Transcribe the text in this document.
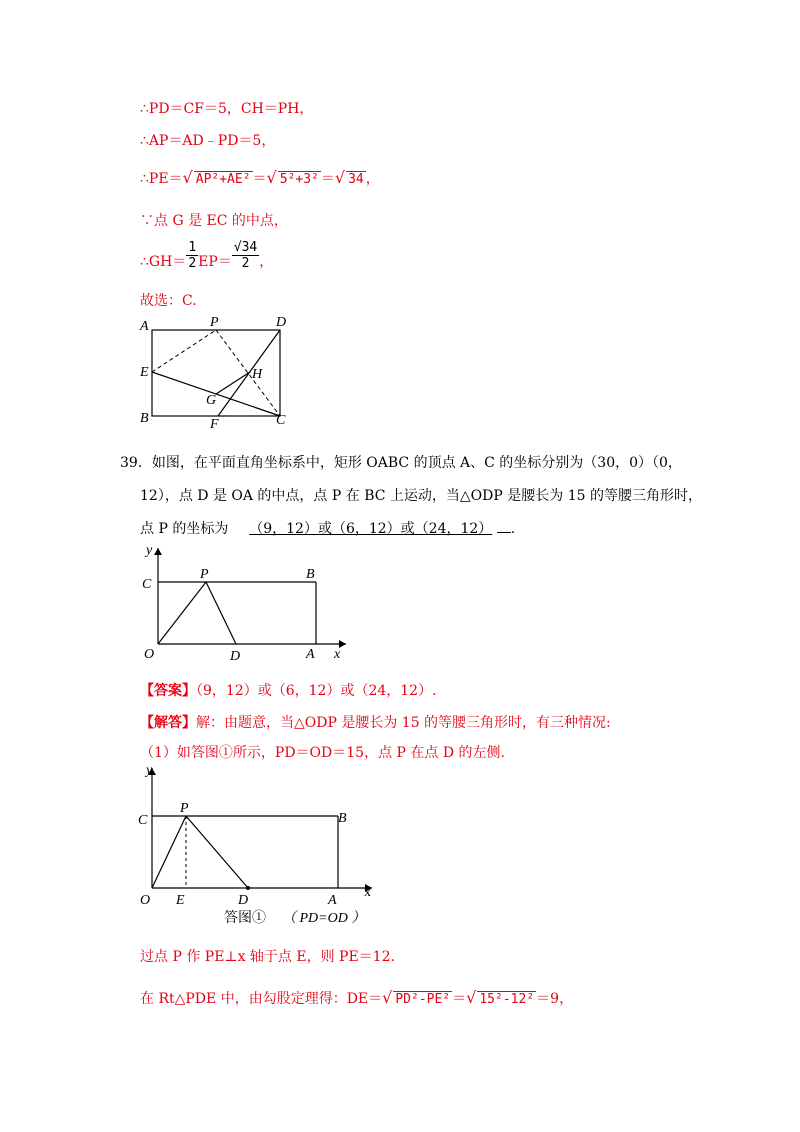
∴PD＝CF＝5，CH＝PH，
∴AP＝AD﹣PD＝5，
∴PE＝√ AP²+AE² ＝√ 5²+3² ＝√ 34 ，
∵点 G 是 EC 的中点，
∴GH＝ $\frac{1}{2} EP= \frac{√34}{2}$ ，
故选：C.
A	P	D
E	H
G
B	F	C
39．如图，在平面直角坐标系中，矩形 OABC 的顶点 A、C 的坐标分别为（30，0）（0，
12），点 D 是 OA 的中点，点 P 在 BC 上运动，当△ODP 是腰长为 15 的等腰三角形时，
点 P 的坐标为 （9，12）或（6，12）或（24，12） .
y
C
P	B
O	D	A x
【答案】（9，12）或（6，12）或（24，12）.
【解答】解：由题意，当△ODP 是腰长为 15 的等腰三角形时，有三种情况:
（1）如答图①所示，PD＝OD＝15，点 P 在点 D 的左侧.
y
C
P
B
O E	D	A
x
答图① （ PD=OD ）
过点 P 作 PE⊥x 轴于点 E，则 PE＝12.
在 Rt△PDE 中，由勾股定理得：DE＝√ PD²-PE² ＝√ 15²-12² ＝9，
